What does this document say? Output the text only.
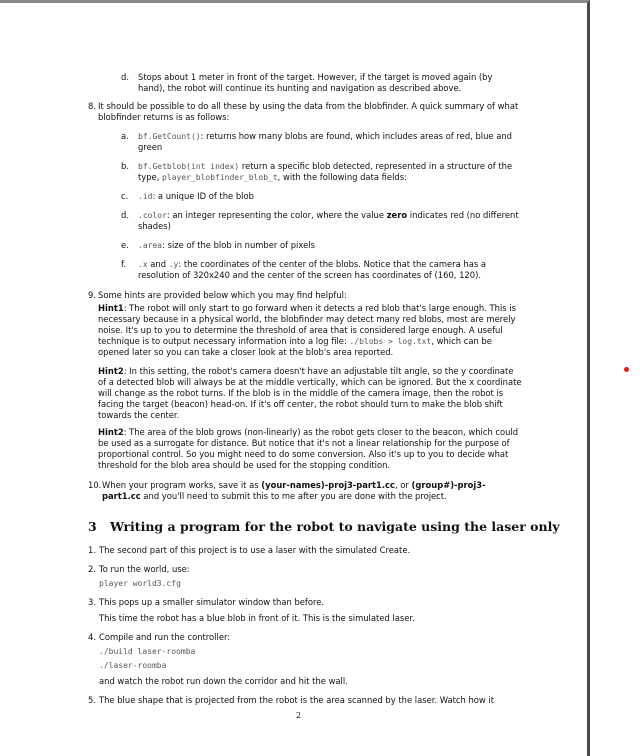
d. Stops about 1 meter in front of the target. However, if the target is moved again (by hand), the robot will continue its hunting and navigation as described above.
8. It should be possible to do all these by using the data from the blobfinder. A quick summary of what blobfinder returns is as follows:
a. bf.GetCount(): returns how many blobs are found, which includes areas of red, blue and green
b. bf.Getblob(int index) return a specific blob detected, represented in a structure of the type, player_blobfinder_blob_t, with the following data fields:
c. .id: a unique ID of the blob
d. .color: an integer representing the color, where the value zero indicates red (no different shades)
e. .area: size of the blob in number of pixels
f. .x and .y: the coordinates of the center of the blobs. Notice that the camera has a resolution of 320x240 and the center of the screen has coordinates of (160, 120).
9. Some hints are provided below which you may find helpful:
Hint1: The robot will only start to go forward when it detects a red blob that's large enough. This is necessary because in a physical world, the blobfinder may detect many red blobs, most are merely noise. It's up to you to determine the threshold of area that is considered large enough. A useful technique is to output necessary information into a log file: ./blobs > log.txt, which can be opened later so you can take a closer look at the blob's area reported.
Hint2: In this setting, the robot's camera doesn't have an adjustable tilt angle, so the y coordinate of a detected blob will always be at the middle vertically, which can be ignored. But the x coordinate will change as the robot turns. If the blob is in the middle of the camera image, then the robot is facing the target (beacon) head-on. If it's off center, the robot should turn to make the blob shift towards the center.
Hint2: The area of the blob grows (non-linearly) as the robot gets closer to the beacon, which could be used as a surrogate for distance. But notice that it's not a linear relationship for the purpose of proportional control. So you might need to do some conversion. Also it's up to you to decide what threshold for the blob area should be used for the stopping condition.
10. When your program works, save it as (your-names)-proj3-part1.cc, or (group#)-proj3-part1.cc and you'll need to submit this to me after you are done with the project.
3 Writing a program for the robot to navigate using the laser only
1. The second part of this project is to use a laser with the simulated Create.
2. To run the world, use:
player world3.cfg
3. This pops up a smaller simulator window than before.
This time the robot has a blue blob in front of it. This is the simulated laser.
4. Compile and run the controller:
./build laser-roomba
./laser-roomba
and watch the robot run down the corridor and hit the wall.
5. The blue shape that is projected from the robot is the area scanned by the laser. Watch how it
2
